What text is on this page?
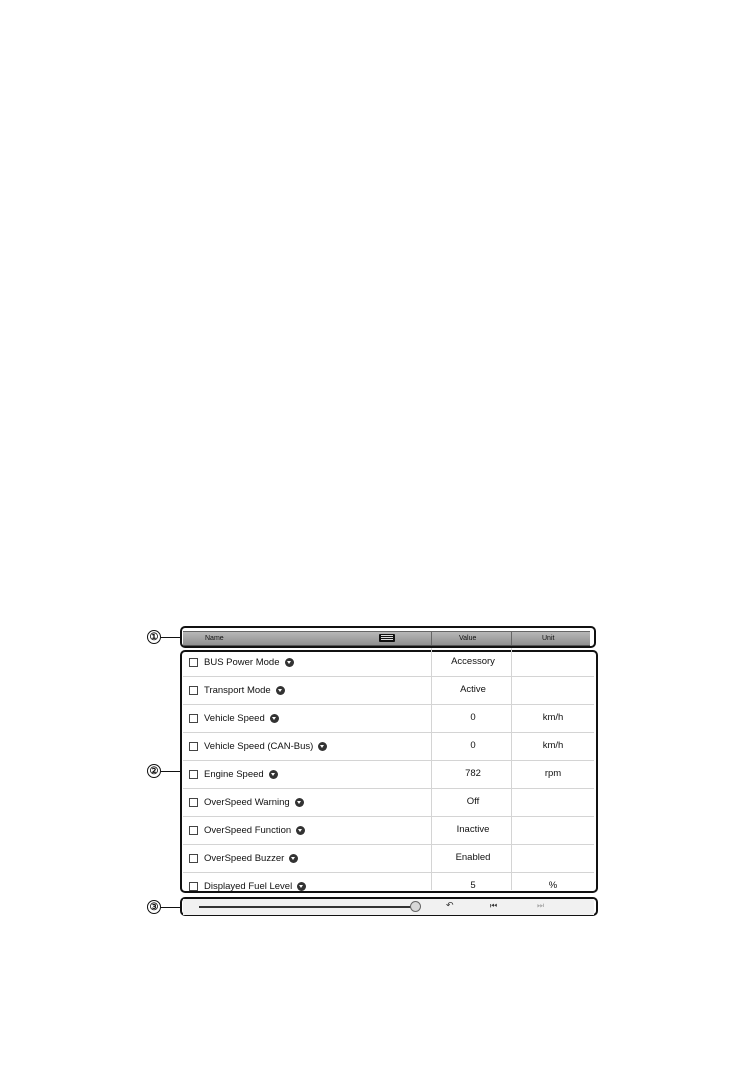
①
②
③
Name	Value	Unit
BUS Power Mode	Accessory
Transport Mode	Active
Vehicle Speed	0	km/h
Vehicle Speed (CAN-Bus)	0	km/h
Engine Speed	782	rpm
OverSpeed Warning	Off
OverSpeed Function	Inactive
OverSpeed Buzzer	Enabled
Displayed Fuel Level	5	%
↶	⏮	⏭
